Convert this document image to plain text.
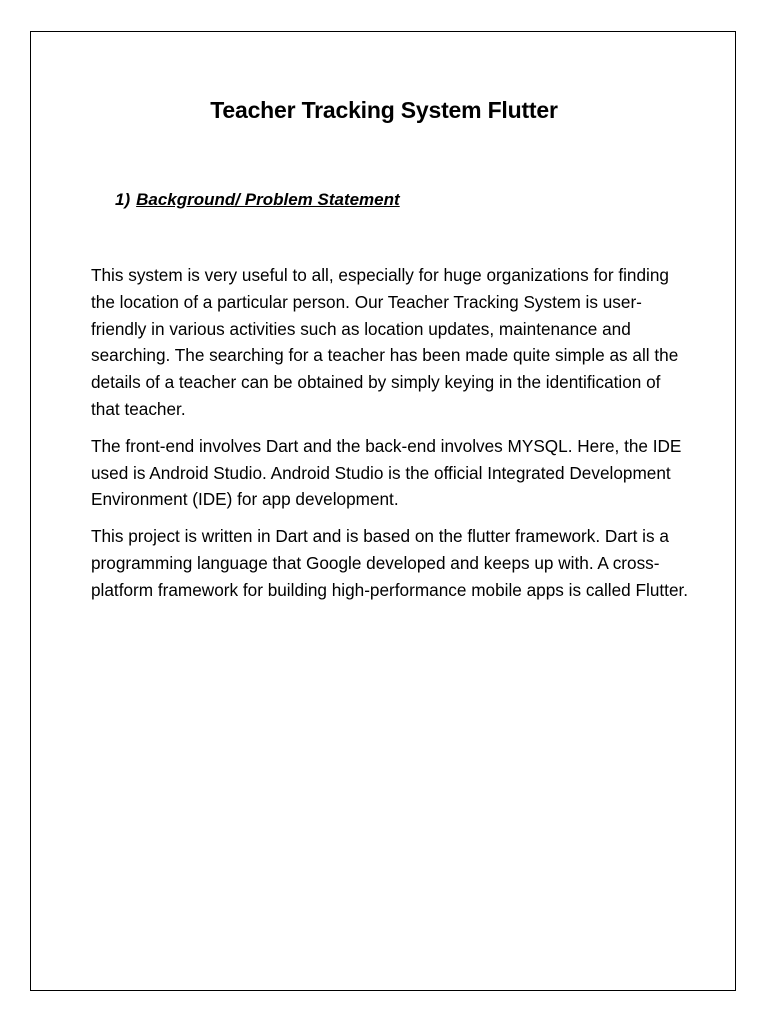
Teacher Tracking System Flutter
1) Background/ Problem Statement

This system is very useful to all, especially for huge organizations for finding the location of a particular person. Our Teacher Tracking System is user-friendly in various activities such as location updates, maintenance and searching. The searching for a teacher has been made quite simple as all the details of a teacher can be obtained by simply keying in the identification of that teacher.

The front-end involves Dart and the back-end involves MYSQL. Here, the IDE used is Android Studio. Android Studio is the official Integrated Development Environment (IDE) for app development.

This project is written in Dart and is based on the flutter framework. Dart is a programming language that Google developed and keeps up with. A cross-platform framework for building high-performance mobile apps is called Flutter.
